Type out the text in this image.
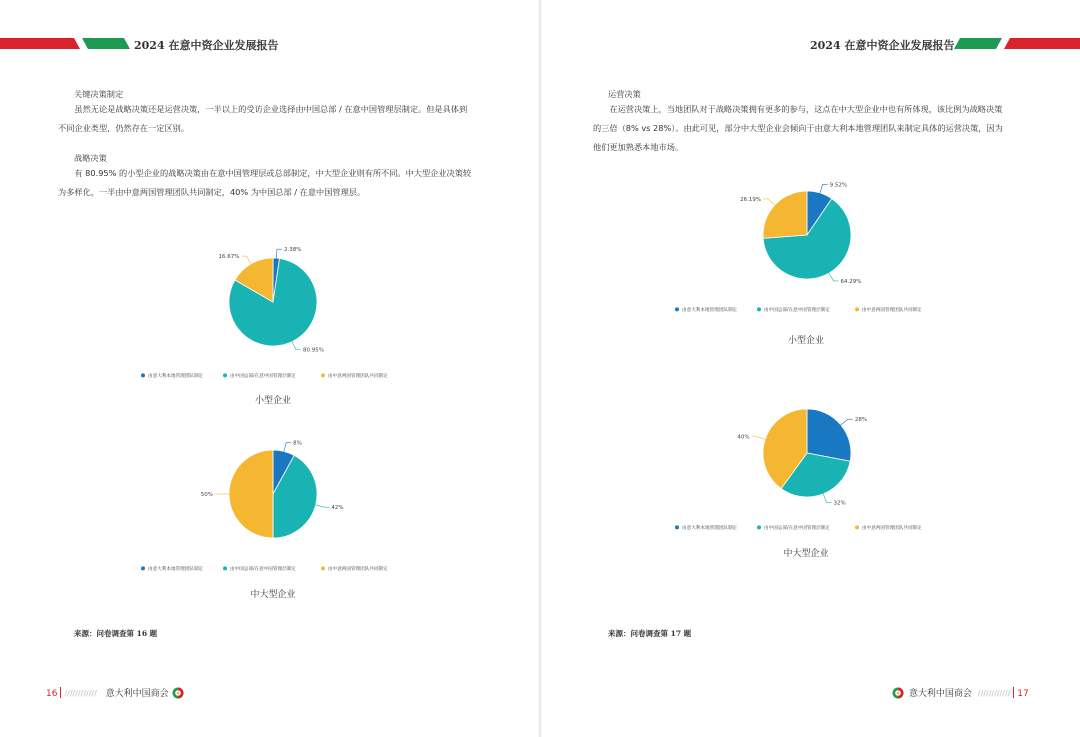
2024 在意中资企业发展报告
关键决策制定

虽然无论是战略决策还是运营决策，一半以上的受访企业选择由中国总部 / 在意中国管理层制定。但是具体到

不同企业类型，仍然存在一定区别。
战略决策

有 80.95% 的小型企业的战略决策由在意中国管理层或总部制定，中大型企业则有所不同。中大型企业决策较

为多样化，一半由中意两国管理团队共同制定，40% 为中国总部 / 在意中国管理层。
2.38%
80.95%
16.67%
由意大利本地管理团队制定	由中国总部/在意中国管理层制定	由中意两国管理团队共同制定
小型企业
8%
42%
50%
由意大利本地管理团队制定	由中国总部/在意中国管理层制定	由中意两国管理团队共同制定
中大型企业
来源：问卷调查第 16 题
16 //////////// 意大利中国商会
2024 在意中资企业发展报告
运营决策

在运营决策上，当地团队对于战略决策拥有更多的参与，这点在中大型企业中也有所体现，该比例为战略决策

的三倍（8% vs 28%）。由此可见，部分中大型企业会倾向于由意大利本地管理团队来制定具体的运营决策，因为
他们更加熟悉本地市场。
9.52%
64.29%
26.19%
由意大利本地管理团队制定	由中国总部/在意中国管理层制定	由中意两国管理团队共同制定
小型企业
28%
32%
40%
由意大利本地管理团队制定	由中国总部/在意中国管理层制定	由中意两国管理团队共同制定
中大型企业
来源：问卷调查第 17 题
意大利中国商会 //////////// 17
